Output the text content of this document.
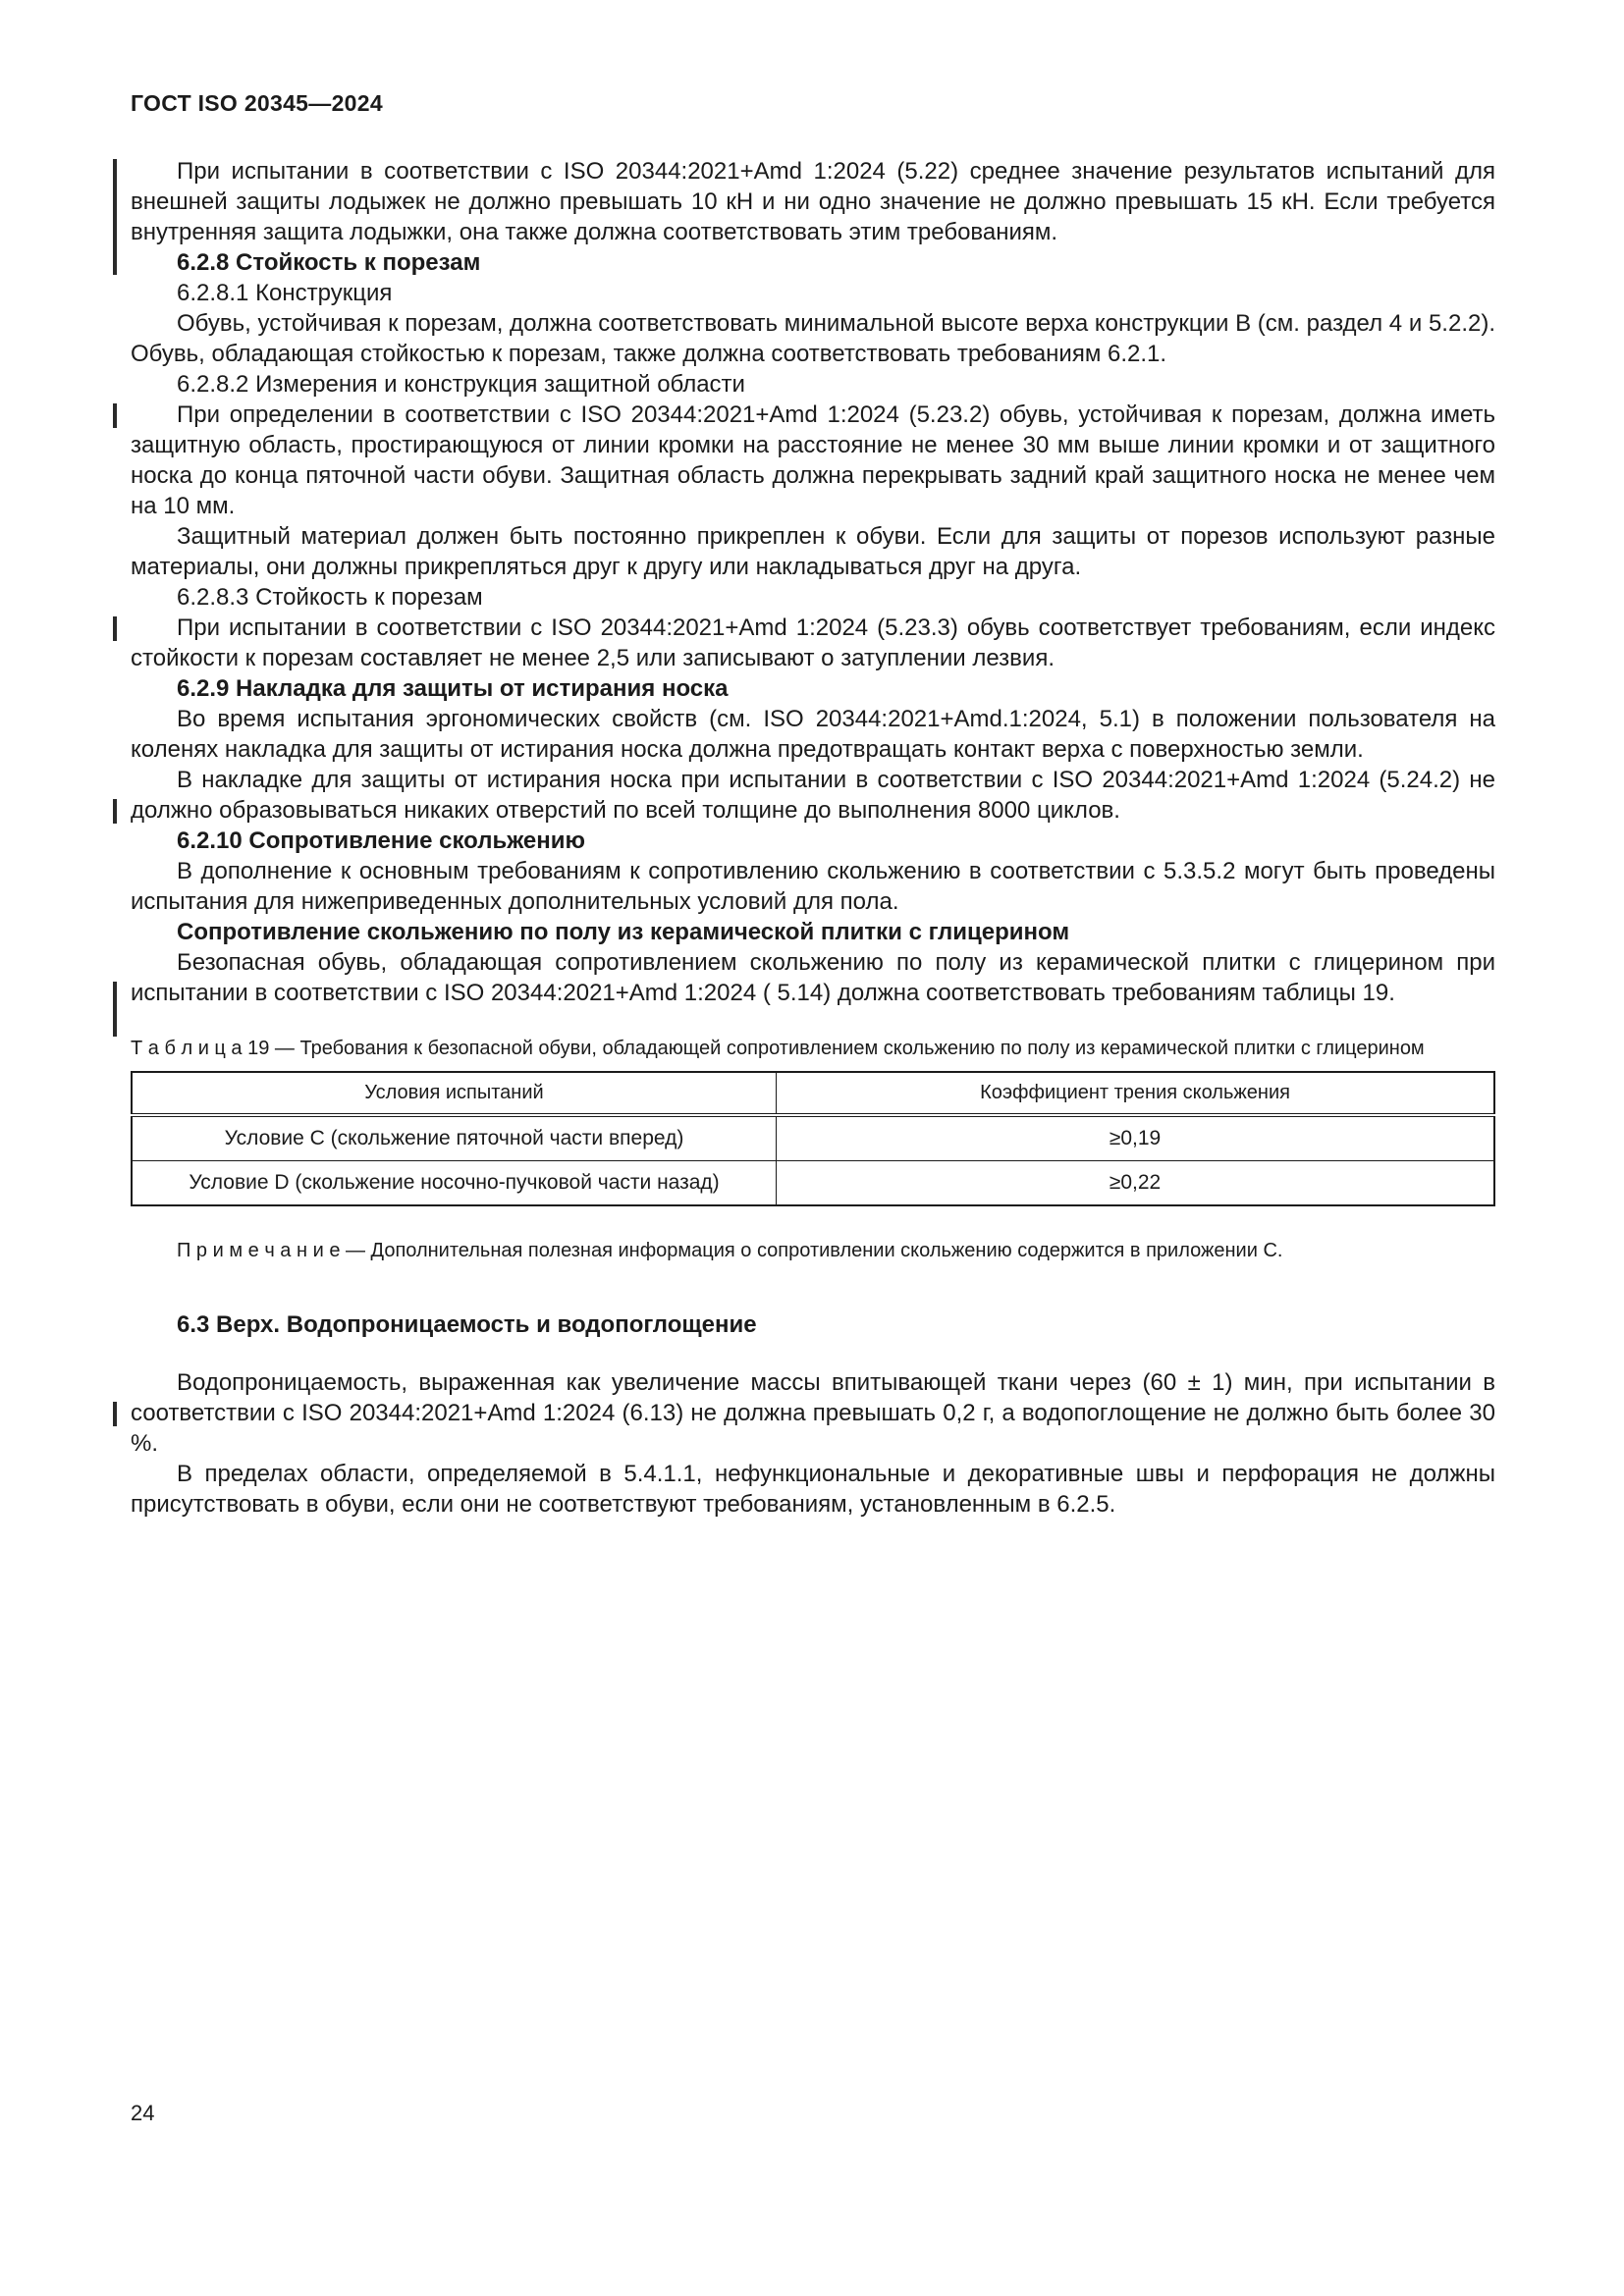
ГОСТ ISO 20345—2024
При испытании в соответствии с ISO 20344:2021+Amd 1:2024 (5.22) среднее значение результатов испытаний для внешней защиты лодыжек не должно превышать 10 кН и ни одно значение не должно превышать 15 кН. Если требуется внутренняя защита лодыжки, она также должна соответствовать этим требованиям.
6.2.8 Стойкость к порезам
6.2.8.1 Конструкция
Обувь, устойчивая к порезам, должна соответствовать минимальной высоте верха конструкции В (см. раздел 4 и 5.2.2). Обувь, обладающая стойкостью к порезам, также должна соответствовать требованиям 6.2.1.
6.2.8.2 Измерения и конструкция защитной области
При определении в соответствии с ISO 20344:2021+Amd 1:2024 (5.23.2) обувь, устойчивая к порезам, должна иметь защитную область, простирающуюся от линии кромки на расстояние не менее 30 мм выше линии кромки и от защитного носка до конца пяточной части обуви. Защитная область должна перекрывать задний край защитного носка не менее чем на 10 мм.
Защитный материал должен быть постоянно прикреплен к обуви. Если для защиты от порезов используют разные материалы, они должны прикрепляться друг к другу или накладываться друг на друга.
6.2.8.3 Стойкость к порезам
При испытании в соответствии с ISO 20344:2021+Amd 1:2024 (5.23.3) обувь соответствует требованиям, если индекс стойкости к порезам составляет не менее 2,5 или записывают о затуплении лезвия.
6.2.9 Накладка для защиты от истирания носка
Во время испытания эргономических свойств (см. ISO 20344:2021+Amd.1:2024, 5.1) в положении пользователя на коленях накладка для защиты от истирания носка должна предотвращать контакт верха с поверхностью земли.
В накладке для защиты от истирания носка при испытании в соответствии с ISO 20344:2021+Amd 1:2024 (5.24.2) не должно образовываться никаких отверстий по всей толщине до выполнения 8000 циклов.
6.2.10 Сопротивление скольжению
В дополнение к основным требованиям к сопротивлению скольжению в соответствии с 5.3.5.2 могут быть проведены испытания для нижеприведенных дополнительных условий для пола.
Сопротивление скольжению по полу из керамической плитки с глицерином
Безопасная обувь, обладающая сопротивлением скольжению по полу из керамической плитки с глицерином при испытании в соответствии с ISO 20344:2021+Amd 1:2024 ( 5.14) должна соответствовать требованиям таблицы 19.
Т а б л и ц а 19 — Требования к безопасной обуви, обладающей сопротивлением скольжению по полу из керамической плитки с глицерином
Условия испытаний	Коэффициент трения скольжения
Условие C (скольжение пяточной части вперед)	≥0,19
Условие D (скольжение носочно-пучковой части назад)	≥0,22
П р и м е ч а н и е — Дополнительная полезная информация о сопротивлении скольжению содержится в приложении С.
6.3 Верх. Водопроницаемость и водопоглощение
Водопроницаемость, выраженная как увеличение массы впитывающей ткани через (60 ± 1) мин, при испытании в соответствии с ISO 20344:2021+Amd 1:2024 (6.13) не должна превышать 0,2 г, а водопоглощение не должно быть более 30 %.
В пределах области, определяемой в 5.4.1.1, нефункциональные и декоративные швы и перфорация не должны присутствовать в обуви, если они не соответствуют требованиям, установленным в 6.2.5.
24
